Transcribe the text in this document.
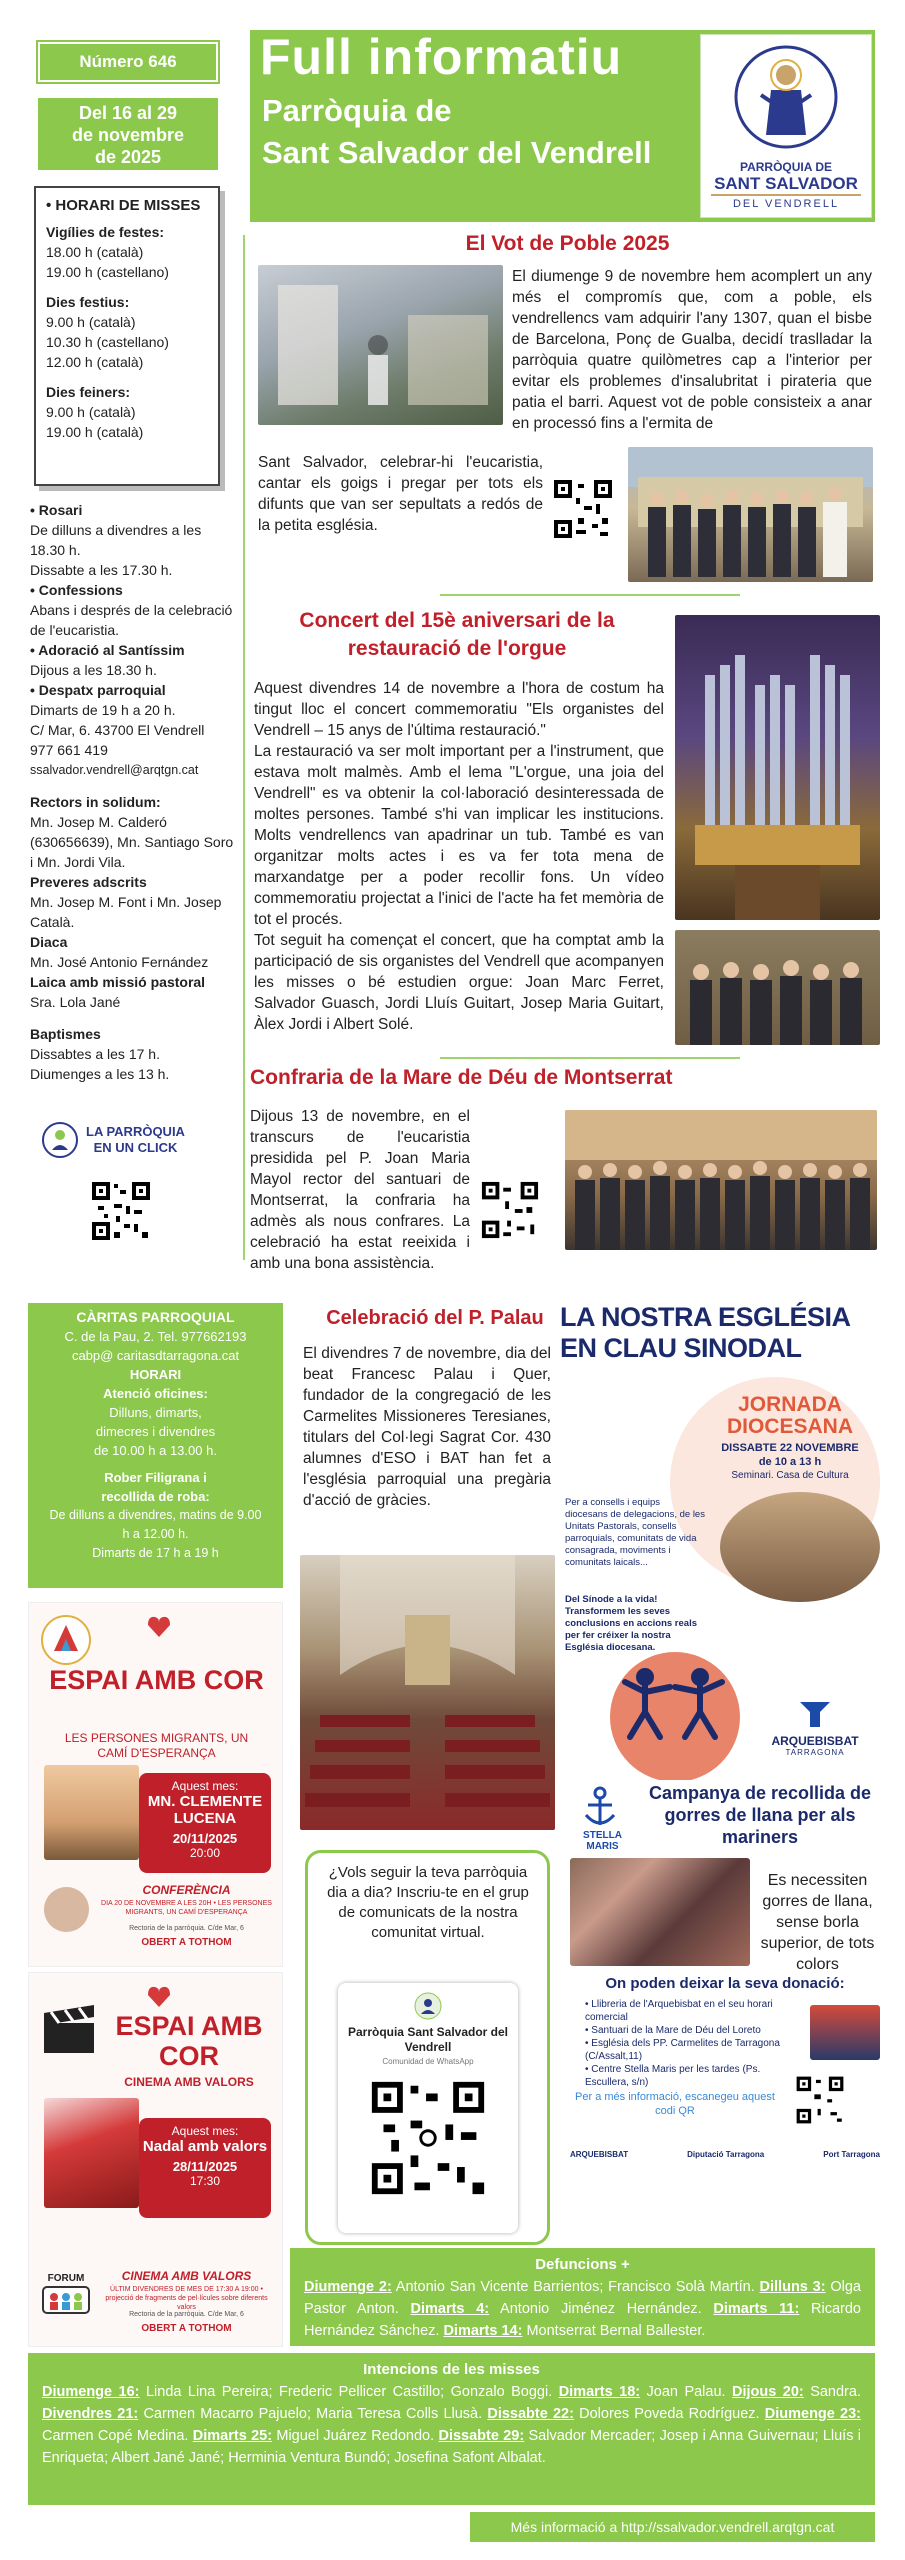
Número 646
Del 16 al 29
de novembre
de 2025
Full informatiu
Parròquia de
Sant Salvador del Vendrell	PARRÒQUIA DE
SANT SALVADOR
DEL VENDRELL
• HORARI DE MISSES
Vigílies de festes:
18.00 h (català)
19.00 h (castellano)
Dies festius:
9.00 h (català)
10.30 h (castellano)
12.00 h (català)
Dies feiners:
9.00 h (català)
19.00 h (català)
• Rosari
De dilluns a divendres a les 18.30 h.
Dissabte a les 17.30 h.
• Confessions
Abans i després de la celebració de l'eucaristia.
• Adoració al Santíssim
Dijous a les 18.30 h.
• Despatx parroquial
Dimarts de 19 h a 20 h.
C/ Mar, 6. 43700 El Vendrell
977 661 419
ssalvador.vendrell@arqtgn.cat
Rectors in solidum:
Mn. Josep M. Calderó (630656639), Mn. Santiago Soro i Mn. Jordi Vila.
Preveres adscrits
Mn. Josep M. Font i Mn. Josep Català.
Diaca
Mn. José Antonio Fernández
Laica amb missió pastoral
Sra. Lola Jané
Baptismes
Dissabtes a les 17 h.
Diumenges a les 13 h.
LA PARRÒQUIA
EN UN CLICK
El Vot de Poble 2025
El diumenge 9 de novembre hem acomplert un any més el compromís que, com a poble, els vendrellencs vam adquirir l'any 1307, quan el bisbe de Barcelona, Ponç de Gualba, decidí traslladar la parròquia quatre quilòmetres cap a l'interior per evitar els problemes d'insalubritat i pirateria que patia el barri. Aquest vot de poble consisteix a anar en processó fins a l'ermita de
Sant Salvador, celebrar-hi l'eucaristia, cantar els goigs i pregar per tots els difunts que van ser sepultats a redós de la petita església.
Concert del 15è aniversari de la
restauració de l'orgue
Aquest divendres 14 de novembre a l'hora de costum ha tingut lloc el concert commemoratiu "Els organistes del Vendrell – 15 anys de l'última restauració."
La restauració va ser molt important per a l'instrument, que estava molt malmès. Amb el lema "L'orgue, una joia del Vendrell" es va obtenir la col·laboració desinteressada de moltes persones. També s'hi van implicar les institucions. Molts vendrellencs van apadrinar un tub. També es van organitzar molts actes i es va fer tota mena de marxandatge per a poder recollir fons. Un vídeo commemoratiu projectat a l'inici de l'acte ha fet memòria de tot el procés.
Tot seguit ha començat el concert, que ha comptat amb la participació de sis organistes del Vendrell que acompanyen les misses o bé estudien orgue: Joan Marc Ferret, Salvador Guasch, Jordi Lluís Guitart, Josep Maria Guitart, Àlex Jordi i Albert Solé.
Confraria de la Mare de Déu de Montserrat
Dijous 13 de novembre, en el transcurs de l'eucaristia presidida pel P. Joan Maria Mayol rector del santuari de Montserrat, la confraria ha admès als nous confrares. La celebració ha estat reeixida i amb una bona assistència.
CÀRITAS PARROQUIAL
C. de la Pau, 2. Tel. 977662193
cabp@ caritasdtarragona.cat
HORARI
Atenció oficines:
Dilluns, dimarts,
dimecres i divendres
de 10.00 h a 13.00 h.
Rober Filigrana i
recollida de roba:
De dilluns a divendres, matins de 9.00
h a 12.00 h.
Dimarts de 17 h a 19 h
ESPAI AMB COR
LES PERSONES MIGRANTS, UN CAMÍ D'ESPERANÇA
Aquest mes:
MN. CLEMENTE LUCENA
20/11/2025
20:00
CONFERÈNCIA
DIA 20 DE NOVEMBRE A LES 20H • LES PERSONES MIGRANTS, UN CAMÍ D'ESPERANÇA
Rectoria de la parròquia. C/de Mar, 6
OBERT A TOTHOM
ESPAI AMB COR
CINEMA AMB VALORS
Aquest mes:
Nadal amb valors
28/11/2025
17:30
FORUM	CINEMA AMB VALORS
ÚLTIM DIVENDRES DE MES DE 17:30 A 19:00 • projecció de fragments de pel·lícules sobre diferents valors
Rectoria de la parròquia. C/de Mar, 6
OBERT A TOTHOM
Celebració del P. Palau
El divendres 7 de novembre, dia del beat Francesc Palau i Quer, fundador de la congregació de les Carmelites Missioneres Teresianes, titulars del Col·legi Sagrat Cor. 430 alumnes d'ESO i BAT han fet a l'església parroquial una pregària d'acció de gràcies.
¿Vols seguir la teva parròquia dia a dia? Inscriu-te en el grup de comunicats de la nostra comunitat virtual.
Parròquia Sant Salvador del Vendrell
Comunidad de WhatsApp
LA NOSTRA ESGLÉSIA
EN CLAU SINODAL
JORNADA
DIOCESANA
DISSABTE 22 NOVEMBRE
de 10 a 13 h
Seminari. Casa de Cultura
Per a consells i equips diocesans de delegacions, de les Unitats Pastorals, consells parroquials, comunitats de vida consagrada, moviments i comunitats laicals...
Del Sínode a la vida! Transformem les seves conclusions en accions reals per fer créixer la nostra Església diocesana.
ARQUEBISBAT
TARRAGONA
STELLA MARIS
Campanya de recollida de gorres de llana per als mariners
Es necessiten gorres de llana, sense borla superior, de tots colors
On poden deixar la seva donació:
• Llibreria de l'Arquebisbat en el seu horari comercial
• Santuari de la Mare de Déu del Loreto
• Església dels PP. Carmelites de Tarragona (C/Assalt,11)
• Centre Stella Maris per les tardes (Ps. Escullera, s/n)
Per a més informació, escanegeu aquest codi QR
ARQUEBISBAT	Diputació Tarragona	Port Tarragona
Defuncions +
Diumenge 2: Antonio San Vicente Barrientos; Francisco Solà Martín. Dilluns 3: Olga Pastor Anton. Dimarts 4: Antonio Jiménez Hernández. Dimarts 11: Ricardo Hernández Sánchez. Dimarts 14: Montserrat Bernal Ballester.
Intencions de les misses
Diumenge 16: Linda Lina Pereira; Frederic Pellicer Castillo; Gonzalo Boggi. Dimarts 18: Joan Palau. Dijous 20: Sandra. Divendres 21: Carmen Macarro Pajuelo; Maria Teresa Colls Llusà. Dissabte 22: Dolores Poveda Rodríguez. Diumenge 23: Carmen Copé Medina. Dimarts 25: Miguel Juárez Redondo. Dissabte 29: Salvador Mercader; Josep i Anna Guivernau; Lluís i Enriqueta; Albert Jané Jané; Herminia Ventura Bundó; Josefina Safont Albalat.
Més informació a http://ssalvador.vendrell.arqtgn.cat
